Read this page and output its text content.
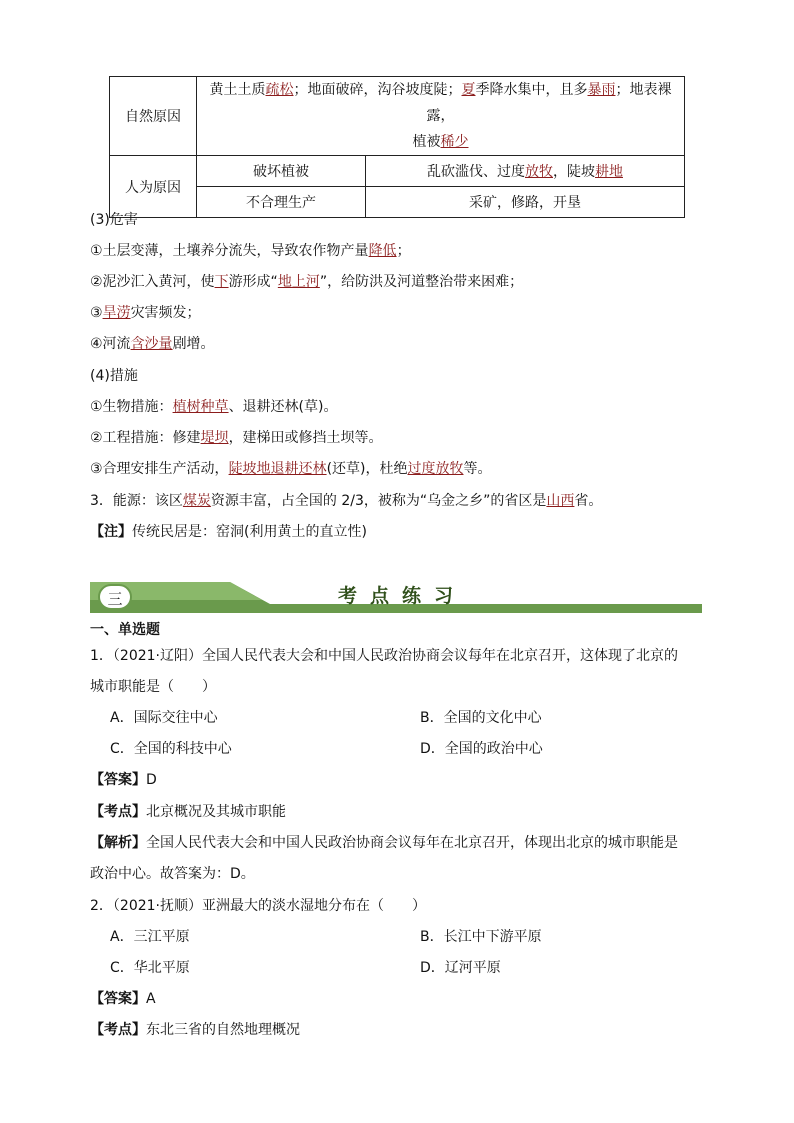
自然原因	黄土土质疏松；地面破碎，沟谷坡度陡；夏季降水集中，且多暴雨；地表裸露，
植被稀少	
人为原因	破坏植被	乱砍滥伐、过度放牧，陡坡耕地
	不合理生产	采矿，修路，开垦
(3)危害
①土层变薄，土壤养分流失，导致农作物产量降低；
②泥沙汇入黄河，使下游形成“地上河”，给防洪及河道整治带来困难；
③旱涝灾害频发；
④河流含沙量剧增。
(4)措施
①生物措施：植树种草、退耕还林(草)。
②工程措施：修建堤坝，建梯田或修挡土坝等。
③合理安排生产活动，陡坡地退耕还林(还草)，杜绝过度放牧等。
3．能源：该区煤炭资源丰富，占全国的 2/3，被称为“乌金之乡”的省区是山西省。
【注】传统民居是：窑洞(利用黄土的直立性)
三	考点练习
一、单选题
1．（2021·辽阳）全国人民代表大会和中国人民政治协商会议每年在北京召开，这体现了北京的
城市职能是（　　）
A．国际交往中心	B．全国的文化中心
C．全国的科技中心	D．全国的政治中心
【答案】D
【考点】北京概况及其城市职能
【解析】全国人民代表大会和中国人民政治协商会议每年在北京召开，体现出北京的城市职能是
政治中心。故答案为：D。
2．（2021·抚顺）亚洲最大的淡水湿地分布在（　　）
A．三江平原	B．长江中下游平原
C．华北平原	D．辽河平原
【答案】A
【考点】东北三省的自然地理概况
